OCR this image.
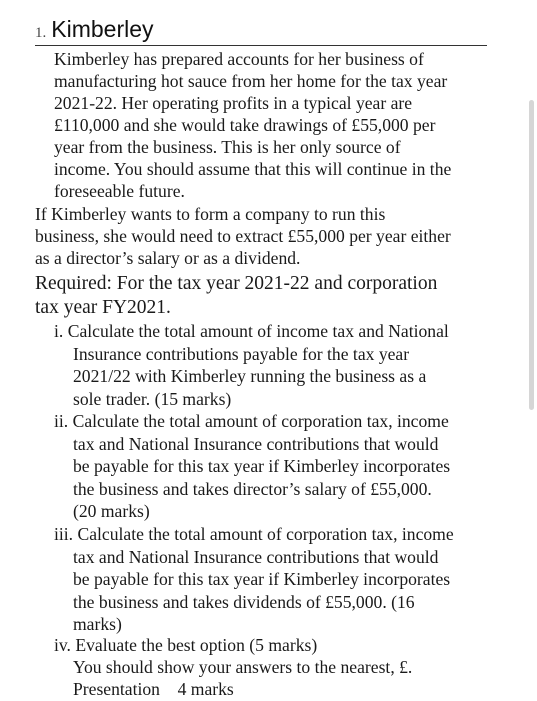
1. Kimberley
Kimberley has prepared accounts for her business of
manufacturing hot sauce from her home for the tax year
2021-22. Her operating profits in a typical year are
£110,000 and she would take drawings of £55,000 per
year from the business. This is her only source of
income. You should assume that this will continue in the
foreseeable future.
If Kimberley wants to form a company to run this
business, she would need to extract £55,000 per year either
as a director’s salary or as a dividend.
Required: For the tax year 2021-22 and corporation
tax year FY2021.
i. Calculate the total amount of income tax and National
Insurance contributions payable for the tax year
2021/22 with Kimberley running the business as a
sole trader. (15 marks)
ii. Calculate the total amount of corporation tax, income
tax and National Insurance contributions that would
be payable for this tax year if Kimberley incorporates
the business and takes director’s salary of £55,000.
(20 marks)
iii. Calculate the total amount of corporation tax, income
tax and National Insurance contributions that would
be payable for this tax year if Kimberley incorporates
the business and takes dividends of £55,000. (16
marks)
iv. Evaluate the best option (5 marks)
You should show your answers to the nearest, £.
Presentation    4 marks
